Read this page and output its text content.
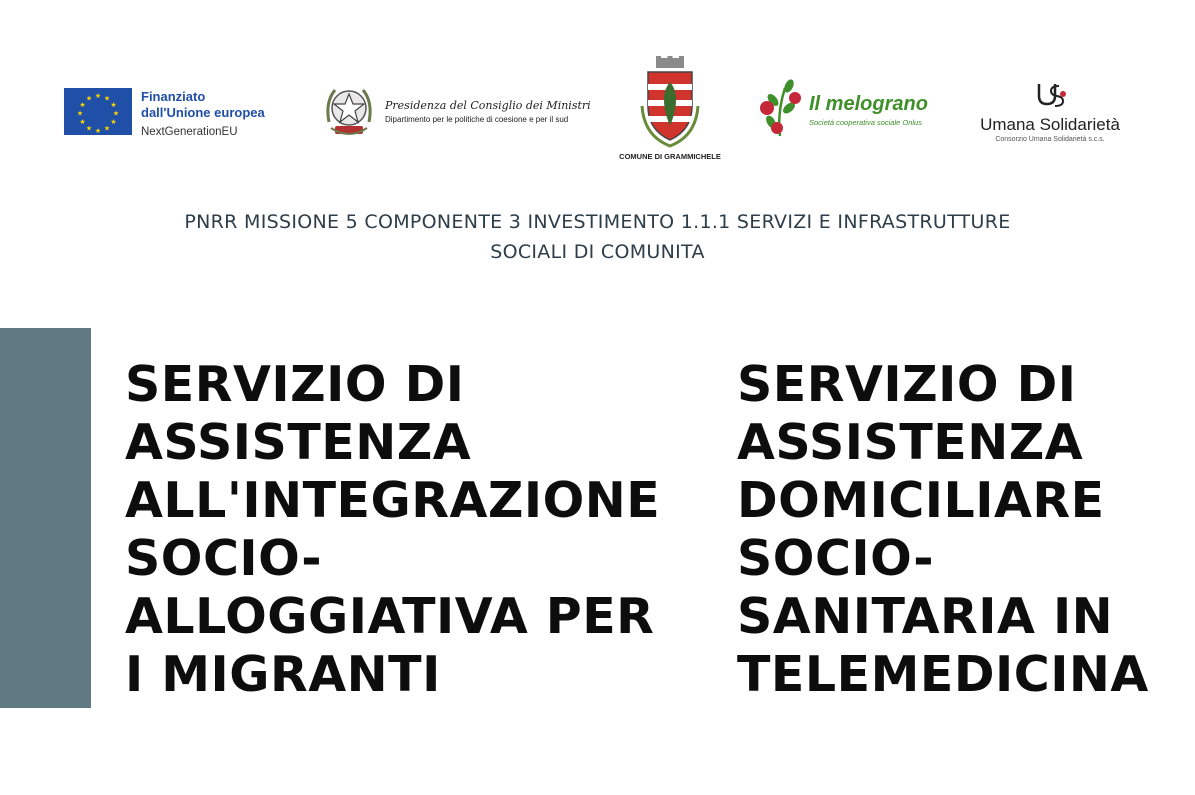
★ ★
★
★
★
★
★
★
★
★
★
★	Finanziato
dall'Unione europea
NextGenerationEU
Presidenza del Consiglio dei Ministri
Dipartimento per le politiche di coesione e per il sud
COMUNE DI GRAMMICHELE
Il melograno
Società cooperativa sociale Onlus	Umana Solidarietà
Consorzio Umana Solidarietà s.c.s.
PNRR MISSIONE 5 COMPONENTE 3 INVESTIMENTO 1.1.1 SERVIZI E INFRASTRUTTURE
SOCIALI DI COMUNITA
SERVIZIO DI
ASSISTENZA
ALL'INTEGRAZIONE
SOCIO-
ALLOGGIATIVA PER
I MIGRANTI
SERVIZIO DI
ASSISTENZA
DOMICILIARE
SOCIO-
SANITARIA IN
TELEMEDICINA
